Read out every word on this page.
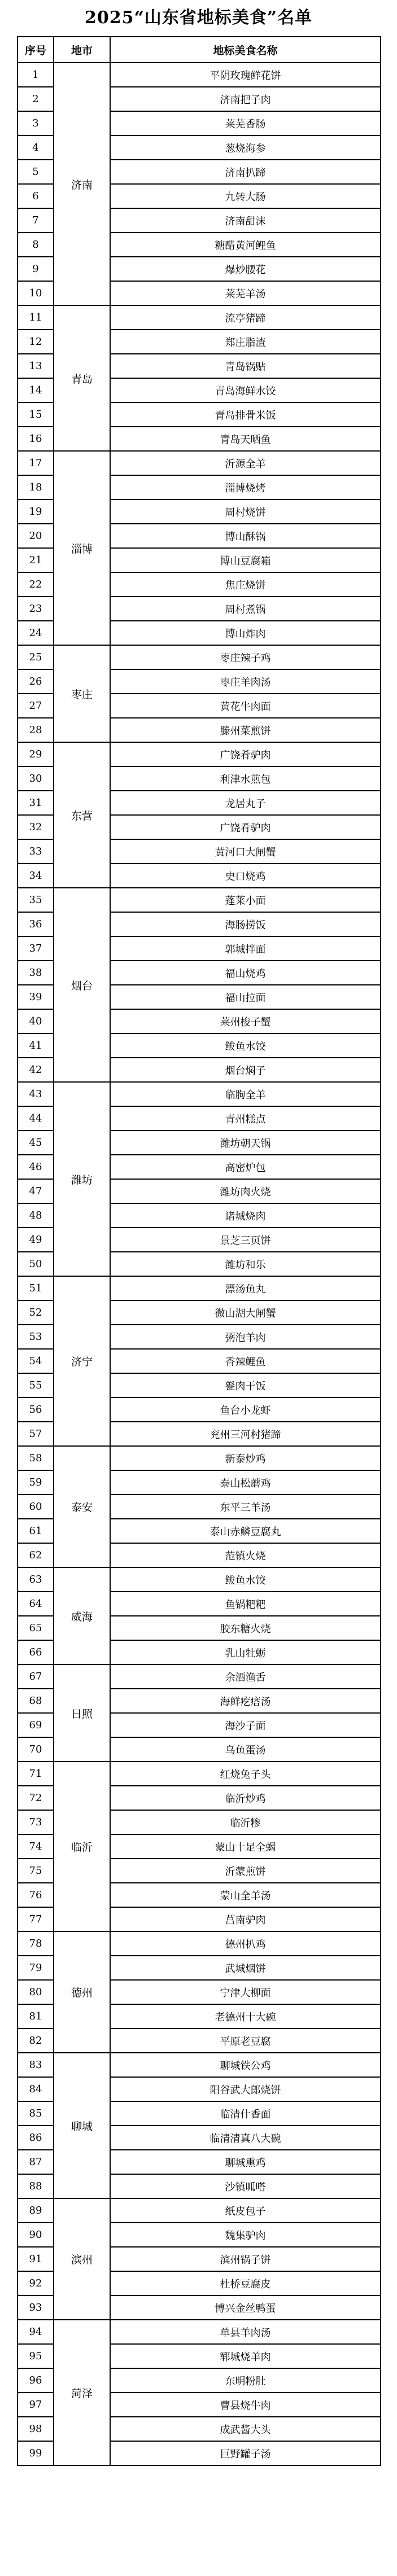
2025“山东省地标美食”名单
序号	地市	地标美食名称
1	济南	平阴玫瑰鲜花饼
2		济南把子肉
3		莱芜香肠
4		葱烧海参
5		济南扒蹄
6		九转大肠
7		济南甜沫
8		糖醋黄河鲤鱼
9		爆炒腰花
10		莱芜羊汤
11	青岛	流亭猪蹄
12		郑庄脂渣
13		青岛锅贴
14		青岛海鲜水饺
15		青岛排骨米饭
16		青岛天晒鱼
17	淄博	沂源全羊
18		淄博烧烤
19		周村烧饼
20		博山酥锅
21		博山豆腐箱
22		焦庄烧饼
23		周村煮锅
24		博山炸肉
25	枣庄	枣庄辣子鸡
26		枣庄羊肉汤
27		黄花牛肉面
28		滕州菜煎饼
29	东营	广饶肴驴肉
30		利津水煎包
31		龙居丸子
32		广饶肴驴肉
33		黄河口大闸蟹
34		史口烧鸡
35	烟台	蓬莱小面
36		海肠捞饭
37		郭城拌面
38		福山烧鸡
39		福山拉面
40		莱州梭子蟹
41		鲅鱼水饺
42		烟台焖子
43	潍坊	临朐全羊
44		青州糕点
45		潍坊朝天锅
46		高密炉包
47		潍坊肉火烧
48		诸城烧肉
49		景芝三页饼
50		潍坊和乐
51	济宁	漂汤鱼丸
52		微山湖大闸蟹
53		粥泡羊肉
54		香辣鲤鱼
55		甏肉干饭
56		鱼台小龙虾
57		兖州三河村猪蹄
58	泰安	新泰炒鸡
59		泰山松蘑鸡
60		东平三羊汤
61		泰山赤鳞豆腐丸
62		范镇火烧
63	威海	鲅鱼水饺
64		鱼锅粑粑
65		胶东糖火烧
66		乳山牡蛎
67	日照	余酒渔舌
68		海鲜疙瘩汤
69		海沙子面
70		乌鱼蛋汤
71	临沂	红烧兔子头
72		临沂炒鸡
73		临沂糁
74		蒙山十足全蝎
75		沂蒙煎饼
76		蒙山全羊汤
77		莒南驴肉
78	德州	德州扒鸡
79		武城烟饼
80		宁津大柳面
81		老德州十大碗
82		平原老豆腐
83	聊城	聊城铁公鸡
84		阳谷武大郎烧饼
85		临清什香面
86		临清清真八大碗
87		聊城熏鸡
88		沙镇呱嗒
89	滨州	纸皮包子
90		魏集驴肉
91		滨州锅子饼
92		杜桥豆腐皮
93		博兴金丝鸭蛋
94	菏泽	单县羊肉汤
95		郓城烧羊肉
96		东明粉肚
97		曹县烧牛肉
98		成武酱大头
99		巨野罐子汤
